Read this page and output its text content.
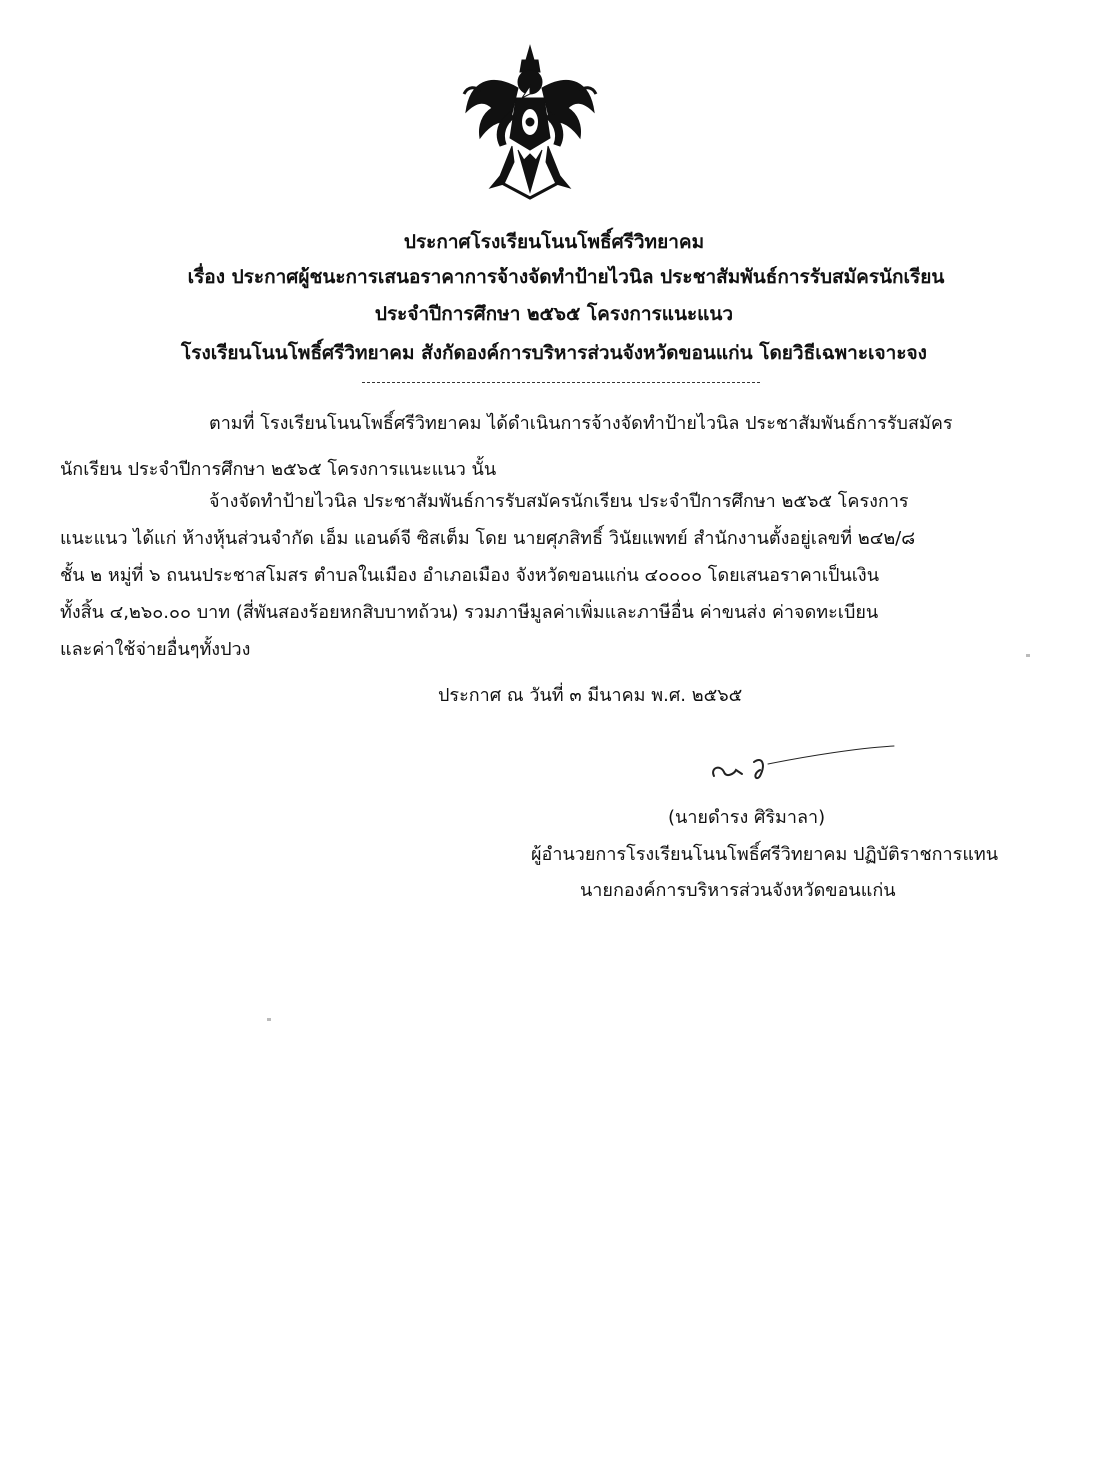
ประกาศโรงเรียนโนนโพธิ์ศรีวิทยาคม
เรื่อง ประกาศผู้ชนะการเสนอราคาการจ้างจัดทำป้ายไวนิล ประชาสัมพันธ์การรับสมัครนักเรียน
ประจำปีการศึกษา ๒๕๖๕ โครงการแนะแนว
โรงเรียนโนนโพธิ์ศรีวิทยาคม สังกัดองค์การบริหารส่วนจังหวัดขอนแก่น โดยวิธีเฉพาะเจาะจง
ตามที่ โรงเรียนโนนโพธิ์ศรีวิทยาคม ได้ดำเนินการจ้างจัดทำป้ายไวนิล ประชาสัมพันธ์การรับสมัคร
นักเรียน ประจำปีการศึกษา ๒๕๖๕ โครงการแนะแนว นั้น
จ้างจัดทำป้ายไวนิล ประชาสัมพันธ์การรับสมัครนักเรียน ประจำปีการศึกษา ๒๕๖๕ โครงการ
แนะแนว ได้แก่ ห้างหุ้นส่วนจำกัด เอ็ม แอนด์จี ซิสเต็ม โดย นายศุภสิทธิ์ วินัยแพทย์ สำนักงานตั้งอยู่เลขที่ ๒๔๒/๘
ชั้น ๒ หมู่ที่ ๖ ถนนประชาสโมสร ตำบลในเมือง อำเภอเมือง จังหวัดขอนแก่น ๔๐๐๐๐ โดยเสนอราคาเป็นเงิน
ทั้งสิ้น ๔,๒๖๐.๐๐ บาท (สี่พันสองร้อยหกสิบบาทถ้วน) รวมภาษีมูลค่าเพิ่มและภาษีอื่น ค่าขนส่ง ค่าจดทะเบียน
และค่าใช้จ่ายอื่นๆทั้งปวง
ประกาศ ณ วันที่ ๓ มีนาคม พ.ศ. ๒๕๖๕
(นายดำรง ศิริมาลา)
ผู้อำนวยการโรงเรียนโนนโพธิ์ศรีวิทยาคม ปฏิบัติราชการแทน
นายกองค์การบริหารส่วนจังหวัดขอนแก่น
